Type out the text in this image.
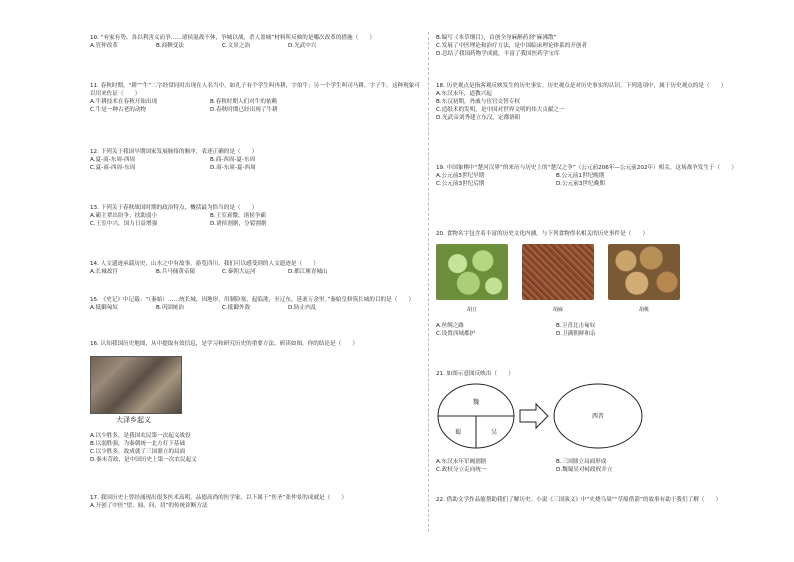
10. “有家有势，各以利害义而争……诸侯混战不休，争城以战，杀人盈城”材料所反映的是哪次改革的措施（　　）
A.管仲改革	B.商鞅变法	C.文景之治	D.光武中兴
11. 春秋时期，“耕”“牛”二字经常同时出现在人名当中，如孔子有个学生叫冉耕，字伯牛；另一个学生叫司马耕，字子牛。这种现象可以用来佐证（　　）
A.牛耕技术在春秋开始出现	B.春秋时期人们对牛的依赖
C.牛是一种古老的动物	D.春秋时期已经出现了牛耕
12. 下列关于我国早期国家发展脉络的顺序，表述正确的是（　　）
A.夏-商-东周-西周	B.商-西周-夏-东周
C.夏-商-西周-东周	D.商-东周-夏-西周
13. 下列关于春秋战国时期的政治特点，概括最为恰当的是（　　）
A.霸主辈出纷争，扶助弱小	B.王室衰微，诸侯争霸
C.王室中兴，国力日益增强	D.诸侯割据，分裂割据
14. 人文遗迹承载历史，山水之中有故事。游览四川，我们可以感受到的人文遗迹是（　　）
A.长城故宫	B.兵马俑黄帝陵	C.秦朝大运河	D.都江堰青城山
15. 《史记》中记载：“（秦始）……统长城，因地形，用制险塞，起临洮，至辽东，延袤万余里。”秦始皇修筑长城的目的是（　　）
A.抵御匈奴	B.巩固统治	C.抵御外敌	D.防止内乱
16. 认知我国历史地图，从中提取有效信息，是学习和研究历史的重要方法。研读如图，你的结论是（　　）
大泽乡起义
A.以少胜多，是我国农民第一次起义战役
B.以弱胜强，为秦朝统一北方打下基础
C.以少胜多，故成就了三国鼎立的局面
D.秦末苛政，是中国历史上第一次农民起义
17. 我国历史上曾经涌现出很多医术高明、品德高尚的医学家。以下属于“医圣”张仲景的成就是（　　）
A.开创了中医“望、闻、问、切”的传统诊断方法
B.编写《本草纲目》，首创全身麻醉药剂“麻沸散”
C.发展了中医理论和治疗方法，是中国临床理论体系的开创者
D.总结了我国药物学成就，丰富了我国医药学宝库
18. 历史观点是指客观反映发生的历史事实。历史观点是对历史事实的认识。下列选项中，属于历史观点的是（　　）
A.东汉末年，道教兴起
B.东汉初期，外戚与宦官交替专权
C.造纸术的发明，是中国对世界文明的伟大贡献之一
D.光武帝刘秀建立东汉，定都洛阳
19. 中国象棋中“楚河汉界”的来历与历史上的“楚汉之争”（公元前206年—公元前202年）相关。这场战争发生于（　　）
A.公元前3世纪早期	B.公元前1世纪晚期
C.公元前3世纪后期	D.公元前3世纪晚期
20. 食物名字包含着丰富的历史文化内涵，与下列食物得名相关的历史事件是（　　）
胡豆	胡麻	胡桃
A.丝绸之路	B.卫青北击匈奴
C.设置西域都护	D.卫满朝鲜和亲
21. 如图示意图反映出（　　）
魏
蜀	吴
西晋
A.东汉末年军阀割据	B.三国鼎立局面形成
C.政权分立走向统一	D.魏蜀吴对峙政权并立
22. 借助文学作品能帮助我们了解历史。小说《三国演义》中“火烧乌巢”“草船借箭”的故事有助于我们了解（　　）
